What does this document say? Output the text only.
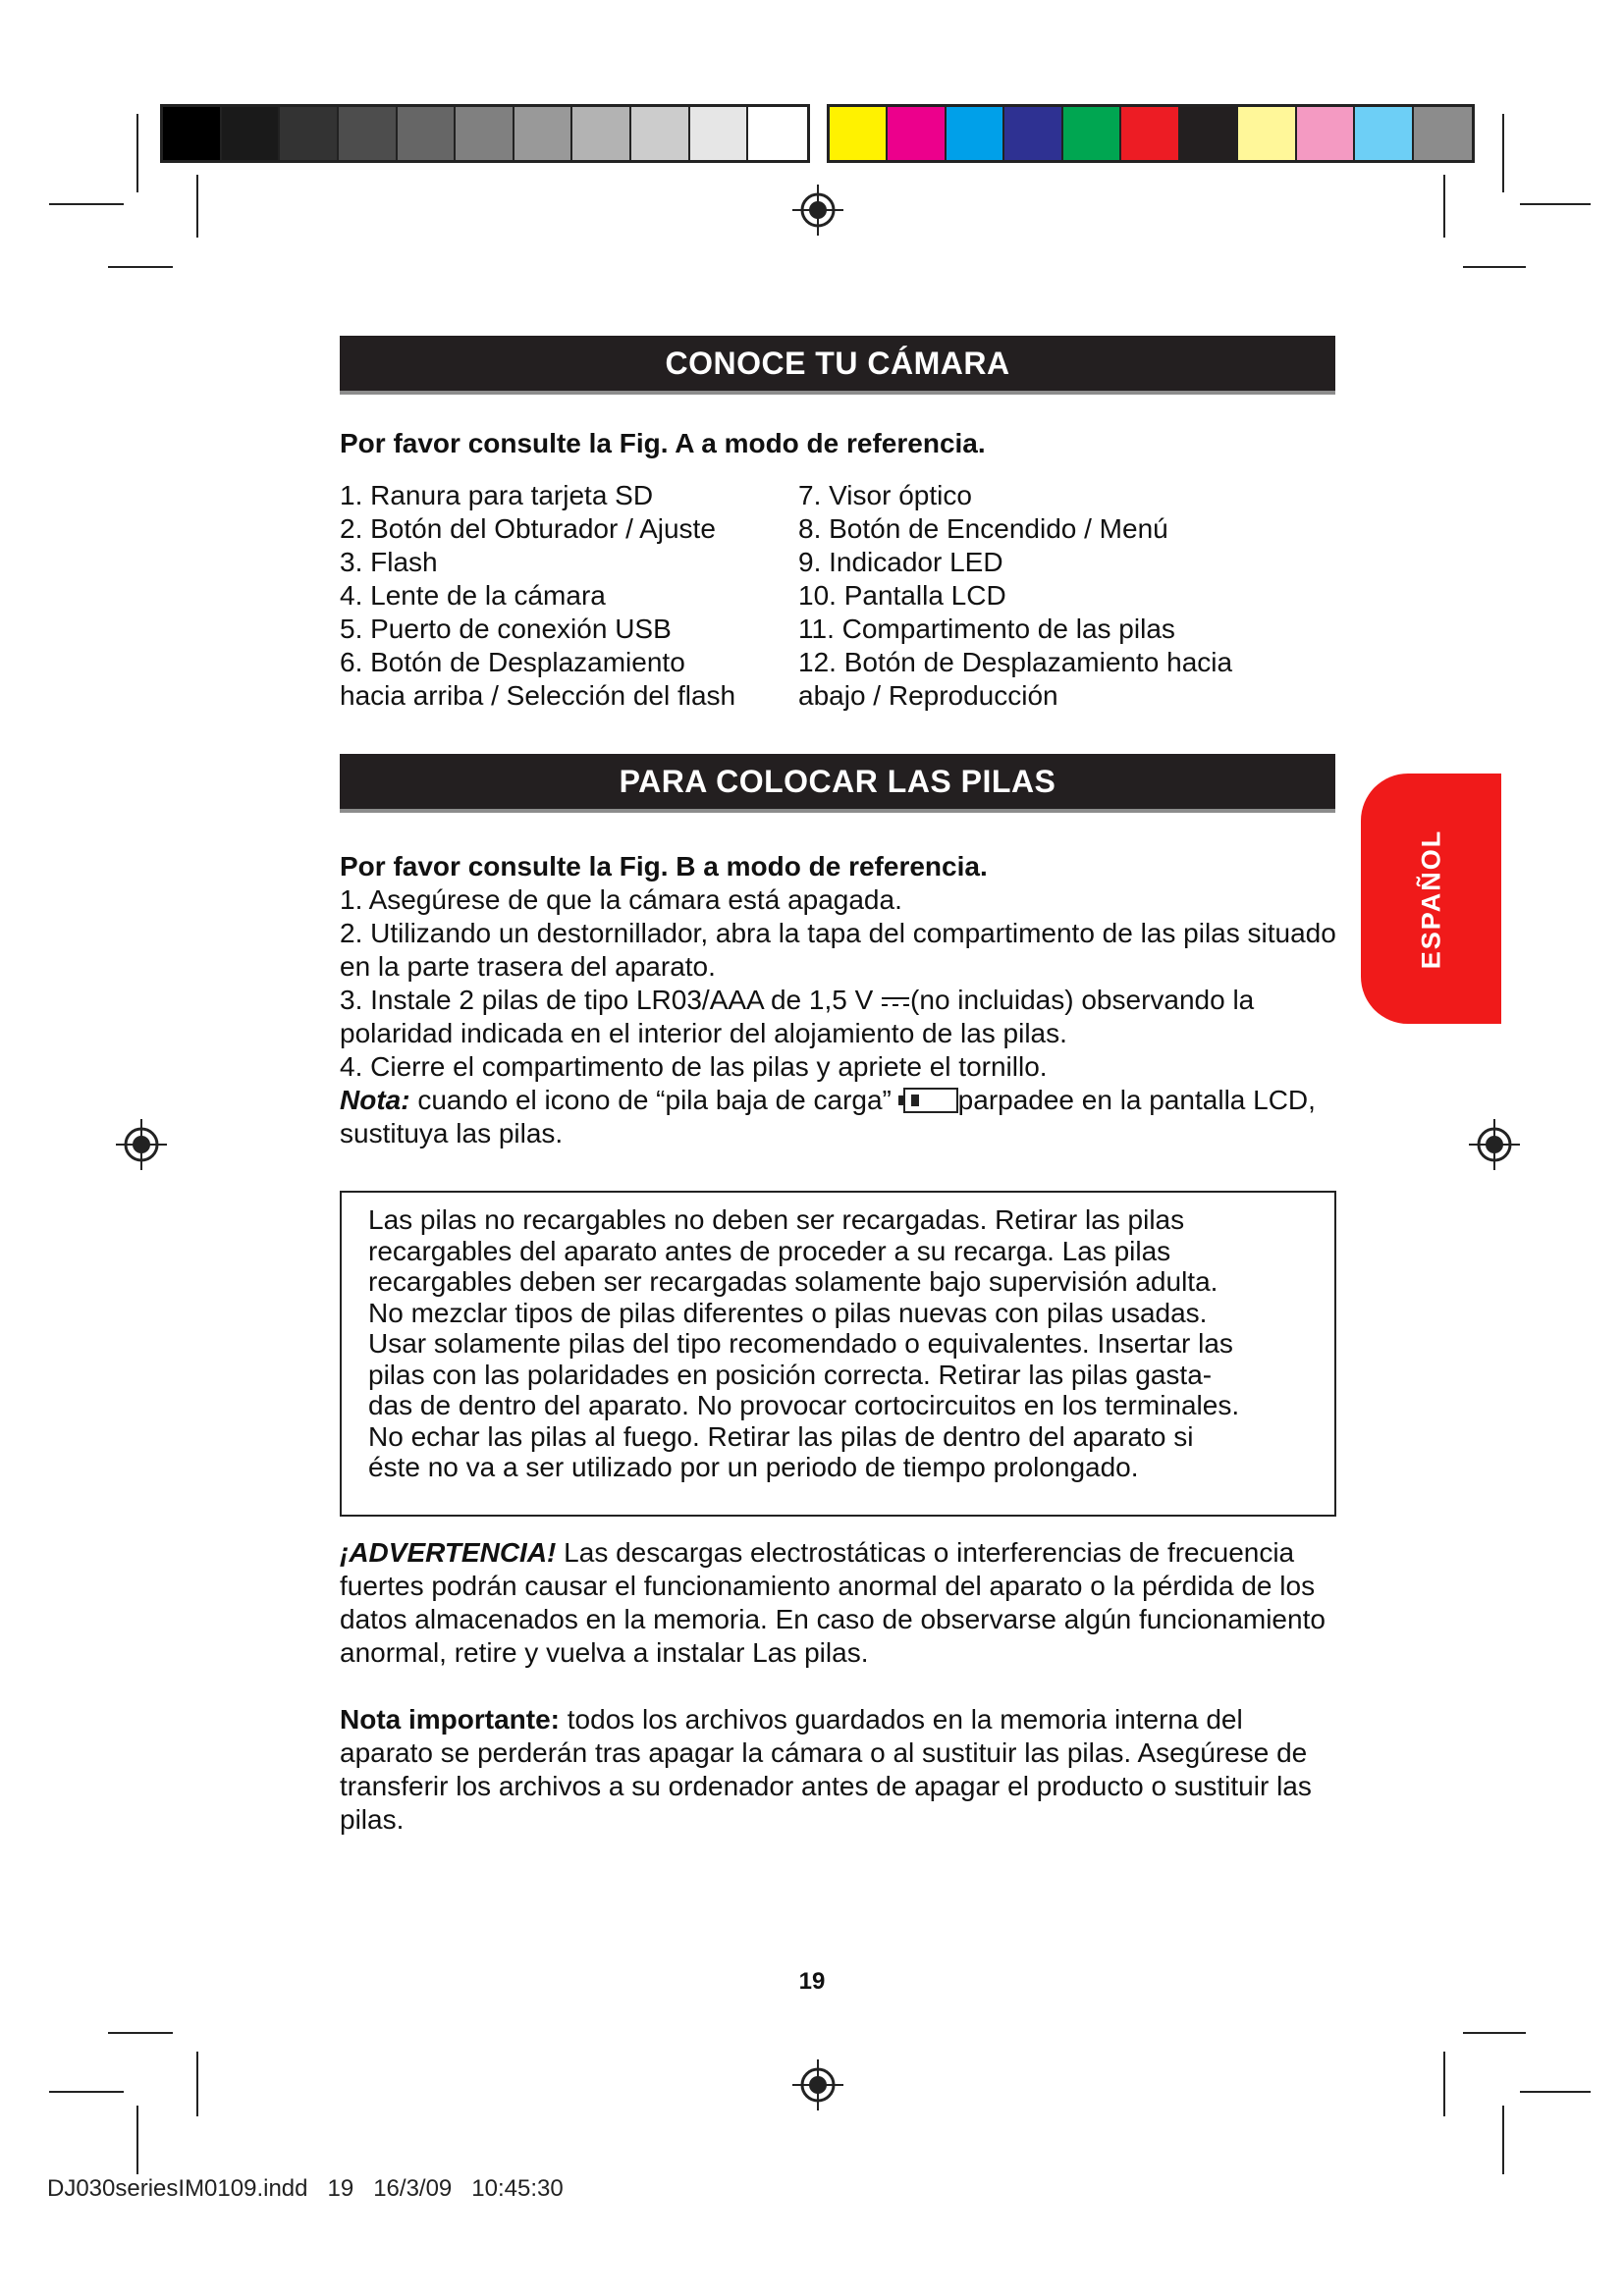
CONOCE TU CÁMARA
Por favor consulte la Fig. A a modo de referencia.
1. Ranura para tarjeta SD
2. Botón del Obturador / Ajuste
3. Flash
4. Lente de la cámara
5. Puerto de conexión USB
6. Botón de Desplazamiento
hacia arriba / Selección del flash
7. Visor óptico
8. Botón de Encendido / Menú
9. Indicador LED
10. Pantalla LCD
11. Compartimento de las pilas
12. Botón de Desplazamiento hacia
abajo / Reproducción
PARA COLOCAR LAS PILAS

Por favor consulte la Fig. B a modo de referencia.

1. Asegúrese de que la cámara está apagada.

2. Utilizando un destornillador, abra la tapa del compartimento de las pilas situado en la parte trasera del aparato.

3. Instale 2 pilas de tipo LR03/AAA de 1,5 V (no incluidas) observando la polaridad indicada en el interior del alojamiento de las pilas.

4. Cierre el compartimento de las pilas y apriete el tornillo.

Nota: cuando el icono de “pila baja de carga” parpadee en la pantalla LCD, sustituya las pilas.

Las pilas no recargables no deben ser recargadas. Retirar las pilas
recargables del aparato antes de proceder a su recarga. Las pilas
recargables deben ser recargadas solamente bajo supervisión adulta.
No mezclar tipos de pilas diferentes o pilas nuevas con pilas usadas.
Usar solamente pilas del tipo recomendado o equivalentes. Insertar las
pilas con las polaridades en posición correcta. Retirar las pilas gasta-
das de dentro del aparato. No provocar cortocircuitos en los terminales.
No echar las pilas al fuego. Retirar las pilas de dentro del aparato si
éste no va a ser utilizado por un periodo de tiempo prolongado.

¡ADVERTENCIA! Las descargas electrostáticas o interferencias de frecuencia fuertes podrán causar el funcionamiento anormal del aparato o la pérdida de los datos almacenados en la memoria. En caso de observarse algún funcionamiento anormal, retire y vuelva a instalar Las pilas.

Nota importante: todos los archivos guardados en la memoria interna del aparato se perderán tras apagar la cámara o al sustituir las pilas. Asegúrese de transferir los archivos a su ordenador antes de apagar el producto o sustituir las pilas.

ESPAÑOL
19
DJ030seriesIM0109.indd 19 16/3/09 10:45:30
